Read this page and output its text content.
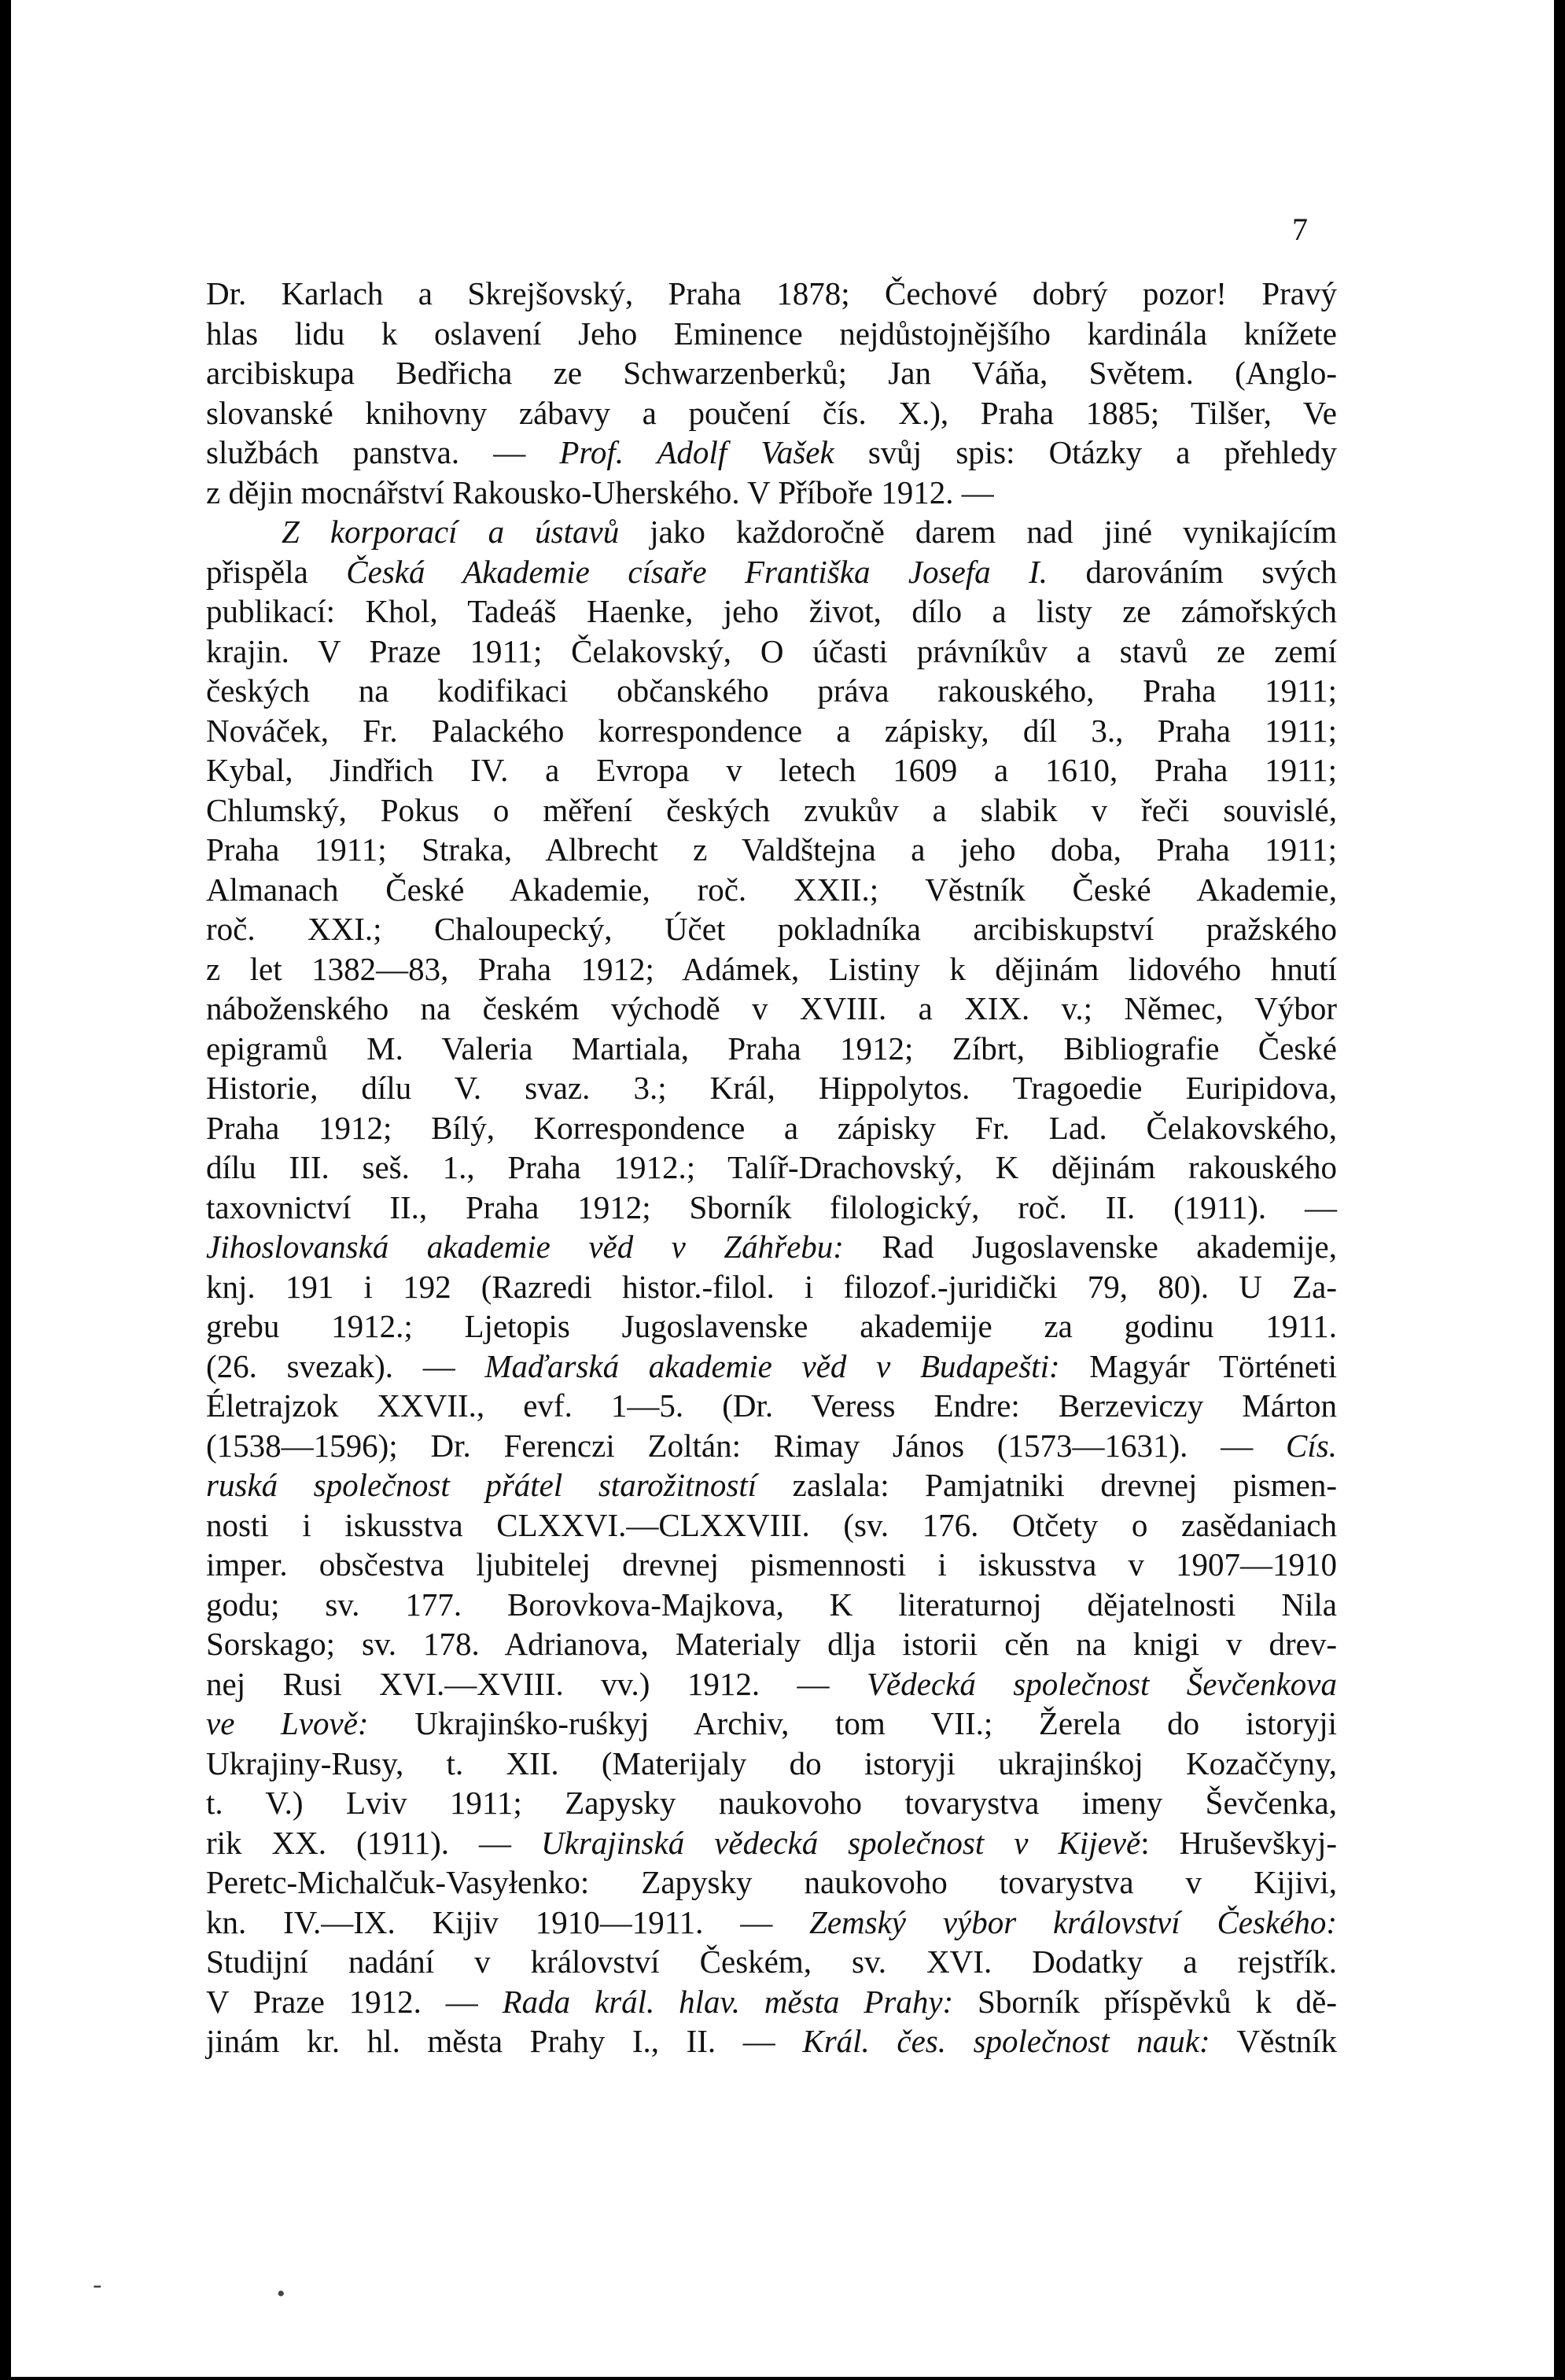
7
Dr. Karlach a Skrejšovský, Praha 1878; Čechové dobrý pozor! Pravý
hlas lidu k oslavení Jeho Eminence nejdůstojnějšího kardinála knížete
arcibiskupa Bedřicha ze Schwarzenberků; Jan Váňa, Světem. (Anglo-
slovanské knihovny zábavy a poučení čís. X.), Praha 1885; Tilšer, Ve
službách panstva. — Prof. Adolf Vašek svůj spis: Otázky a přehledy
z dějin mocnářství Rakousko-Uherského. V Příboře 1912. —
Z korporací a ústavů jako každoročně darem nad jiné vynikajícím
přispěla Česká Akademie císaře Františka Josefa I. darováním svých
publikací: Khol, Tadeáš Haenke, jeho život, dílo a listy ze zámořských
krajin. V Praze 1911; Čelakovský, O účasti právníkův a stavů ze zemí
českých na kodifikaci občanského práva rakouského, Praha 1911;
Nováček, Fr. Palackého korrespondence a zápisky, díl 3., Praha 1911;
Kybal, Jindřich IV. a Evropa v letech 1609 a 1610, Praha 1911;
Chlumský, Pokus o měření českých zvukův a slabik v řeči souvislé,
Praha 1911; Straka, Albrecht z Valdštejna a jeho doba, Praha 1911;
Almanach České Akademie, roč. XXII.; Věstník České Akademie,
roč. XXI.; Chaloupecký, Účet pokladníka arcibiskupství pražského
z let 1382—83, Praha 1912; Adámek, Listiny k dějinám lidového hnutí
náboženského na českém východě v XVIII. a XIX. v.; Němec, Výbor
epigramů M. Valeria Martiala, Praha 1912; Zíbrt, Bibliografie České
Historie, dílu V. svaz. 3.; Král, Hippolytos. Tragoedie Euripidova,
Praha 1912; Bílý, Korrespondence a zápisky Fr. Lad. Čelakovského,
dílu III. seš. 1., Praha 1912.; Talíř-Drachovský, K dějinám rakouského
taxovnictví II., Praha 1912; Sborník filologický, roč. II. (1911). —
Jihoslovanská akademie věd v Záhřebu: Rad Jugoslavenske akademije,
knj. 191 i 192 (Razredi histor.-filol. i filozof.-juridički 79, 80). U Za-
grebu 1912.; Ljetopis Jugoslavenske akademije za godinu 1911.
(26. svezak). — Maďarská akademie věd v Budapešti: Magyár Történeti
Életrajzok XXVII., evf. 1—5. (Dr. Veress Endre: Berzeviczy Márton
(1538—1596); Dr. Ferenczi Zoltán: Rimay János (1573—1631). — Cís.
ruská společnost přátel starožitností zaslala: Pamjatniki drevnej pismen-
nosti i iskusstva CLXXVI.—CLXXVIII. (sv. 176. Otčety o zasědaniach
imper. obsčestva ljubitelej drevnej pismennosti i iskusstva v 1907—1910
godu; sv. 177. Borovkova-Majkova, K literaturnoj dějatelnosti Nila
Sorskago; sv. 178. Adrianova, Materialy dlja istorii cěn na knigi v drev-
nej Rusi XVI.—XVIII. vv.) 1912. — Vědecká společnost Ševčenkova
ve Lvově: Ukrajinśko-ruśkyj Archiv, tom VII.; Žerela do istoryji
Ukrajiny-Rusy, t. XII. (Materijaly do istoryji ukrajinśkoj Kozaččyny,
t. V.) Lviv 1911; Zapysky naukovoho tovarystva imeny Ševčenka,
rik XX. (1911). — Ukrajinská vědecká společnost v Kijevě: Hruševškyj-
Peretc-Michalčuk-Vasyłenko: Zapysky naukovoho tovarystva v Kijivi,
kn. IV.—IX. Kijiv 1910—1911. — Zemský výbor království Českého:
Studijní nadání v království Českém, sv. XVI. Dodatky a rejstřík.
V Praze 1912. — Rada král. hlav. města Prahy: Sborník příspěvků k dě-
jinám kr. hl. města Prahy I., II. — Král. čes. společnost nauk: Věstník
-	•
